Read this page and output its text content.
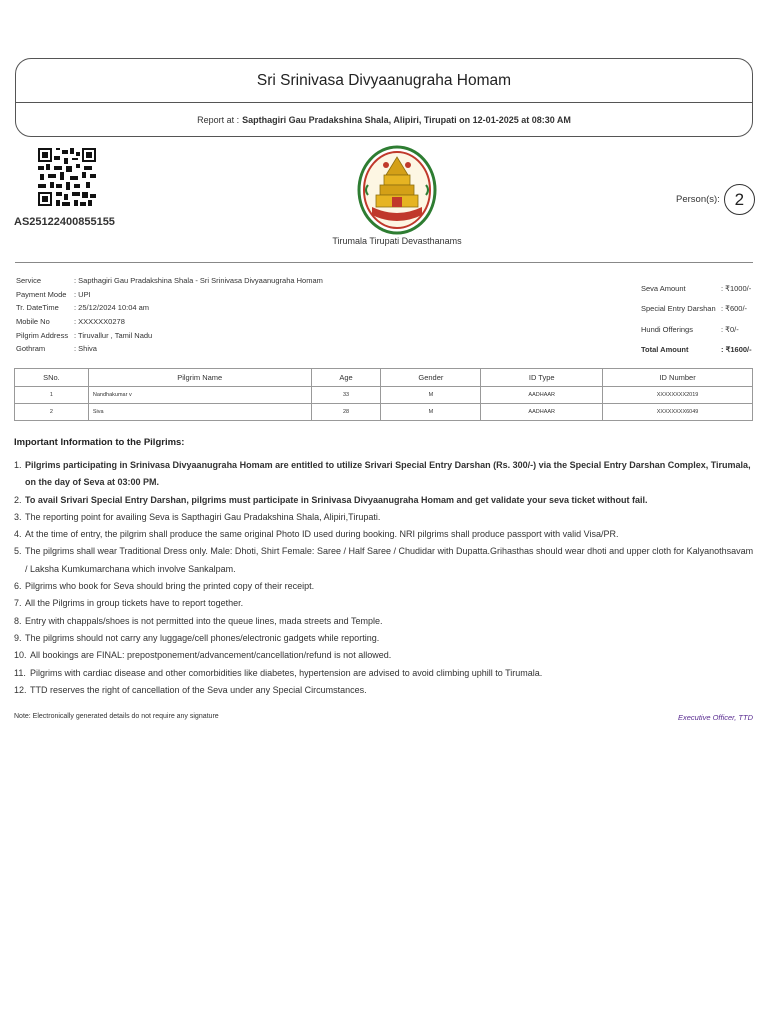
Sri Srinivasa Divyaanugraha Homam
Report at : Sapthagiri Gau Pradakshina Shala, Alipiri, Tirupati on 12-01-2025 at 08:30 AM
AS25122400855155
Tirumala Tirupati Devasthanams
Person(s): 2
Service	: Sapthagiri Gau Pradakshina Shala - Sri Srinivasa Divyaanugraha Homam
Payment Mode	: UPI
Tr. DateTime	: 25/12/2024 10:04 am
Mobile No	: XXXXXX0278
Pilgrim Address : Tiruvallur , Tamil Nadu
Gothram	: Shiva
Seva Amount	: ₹1000/-
Special Entry Darshan : ₹600/-
Hundi Offerings	: ₹0/-
Total Amount	: ₹1600/-
SNo.	Pilgrim Name	Age	Gender	ID Type	ID Number
1	Nandhakumar v	33	M	AADHAAR	XXXXXXXX2019
2	Siva	28	M	AADHAAR	XXXXXXXX6049
Important Information to the Pilgrims:
1. Pilgrims participating in Srinivasa Divyaanugraha Homam are entitled to utilize Srivari Special Entry Darshan (Rs. 300/-) via the Special Entry Darshan Complex, Tirumala, on the day of Seva at 03:00 PM.
2. To avail Srivari Special Entry Darshan, pilgrims must participate in Srinivasa Divyaanugraha Homam and get validate your seva ticket without fail.
3. The reporting point for availing Seva is Sapthagiri Gau Pradakshina Shala, Alipiri,Tirupati.
4. At the time of entry, the pilgrim shall produce the same original Photo ID used during booking. NRI pilgrims shall produce passport with valid Visa/PR.
5. The pilgrims shall wear Traditional Dress only. Male: Dhoti, Shirt Female: Saree / Half Saree / Chudidar with Dupatta.Grihasthas should wear dhoti and upper cloth for Kalyanothsavam / Laksha Kumkumarchana which involve Sankalpam.
6. Pilgrims who book for Seva should bring the printed copy of their receipt.
7. All the Pilgrims in group tickets have to report together.
8. Entry with chappals/shoes is not permitted into the queue lines, mada streets and Temple.
9. The pilgrims should not carry any luggage/cell phones/electronic gadgets while reporting.
10. All bookings are FINAL: prepostponement/advancement/cancellation/refund is not allowed.
11. Pilgrims with cardiac disease and other comorbidities like diabetes, hypertension are advised to avoid climbing uphill to Tirumala.
12. TTD reserves the right of cancellation of the Seva under any Special Circumstances.
Note: Electronically generated details do not require any signature	Executive Officer, TTD
